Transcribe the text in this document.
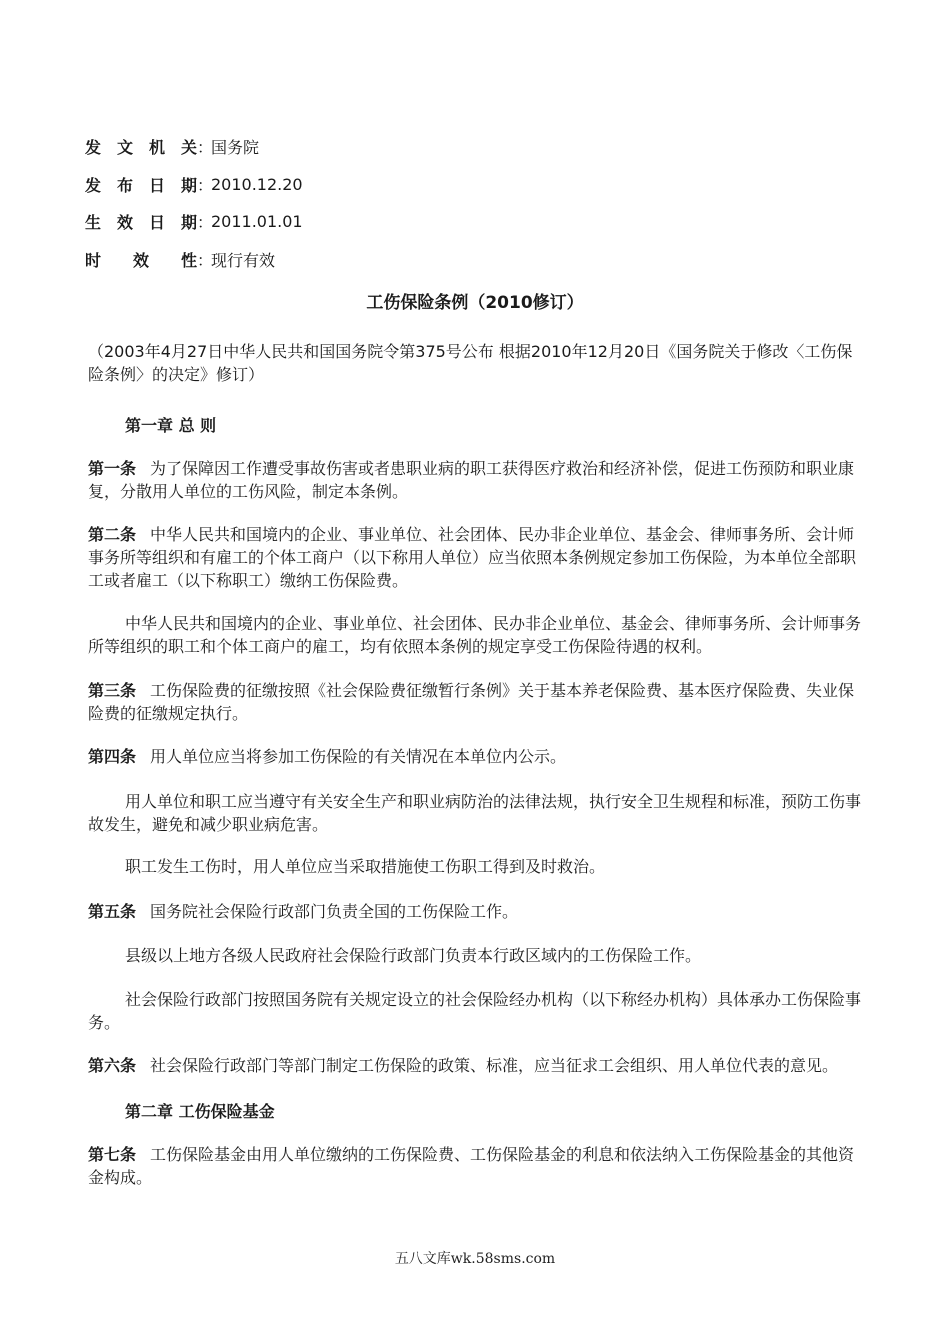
发 文 机 关 ：
国务院
发 布 日 期 ：
2010.12.20
生 效 日 期 ：
2011.01.01
时 效 性 ：
现行有效
工伤保险条例（2010修订）
（2003年4月27日中华人民共和国国务院令第375号公布 根据2010年12月20日《国务院关于修改〈工伤保险条例〉的决定》修订）
第一章 总 则
第一条 为了保障因工作遭受事故伤害或者患职业病的职工获得医疗救治和经济补偿，促进工伤预防和职业康复，分散用人单位的工伤风险，制定本条例。
第二条 中华人民共和国境内的企业、事业单位、社会团体、民办非企业单位、基金会、律师事务所、会计师事务所等组织和有雇工的个体工商户（以下称用人单位）应当依照本条例规定参加工伤保险，为本单位全部职工或者雇工（以下称职工）缴纳工伤保险费。
中华人民共和国境内的企业、事业单位、社会团体、民办非企业单位、基金会、律师事务所、会计师事务所等组织的职工和个体工商户的雇工，均有依照本条例的规定享受工伤保险待遇的权利。
第三条 工伤保险费的征缴按照《社会保险费征缴暂行条例》关于基本养老保险费、基本医疗保险费、失业保险费的征缴规定执行。
第四条 用人单位应当将参加工伤保险的有关情况在本单位内公示。
用人单位和职工应当遵守有关安全生产和职业病防治的法律法规，执行安全卫生规程和标准，预防工伤事故发生，避免和减少职业病危害。
职工发生工伤时，用人单位应当采取措施使工伤职工得到及时救治。
第五条 国务院社会保险行政部门负责全国的工伤保险工作。
县级以上地方各级人民政府社会保险行政部门负责本行政区域内的工伤保险工作。
社会保险行政部门按照国务院有关规定设立的社会保险经办机构（以下称经办机构）具体承办工伤保险事务。
第六条 社会保险行政部门等部门制定工伤保险的政策、标准，应当征求工会组织、用人单位代表的意见。
第二章 工伤保险基金
第七条 工伤保险基金由用人单位缴纳的工伤保险费、工伤保险基金的利息和依法纳入工伤保险基金的其他资金构成。
五八文库wk.58sms.com
